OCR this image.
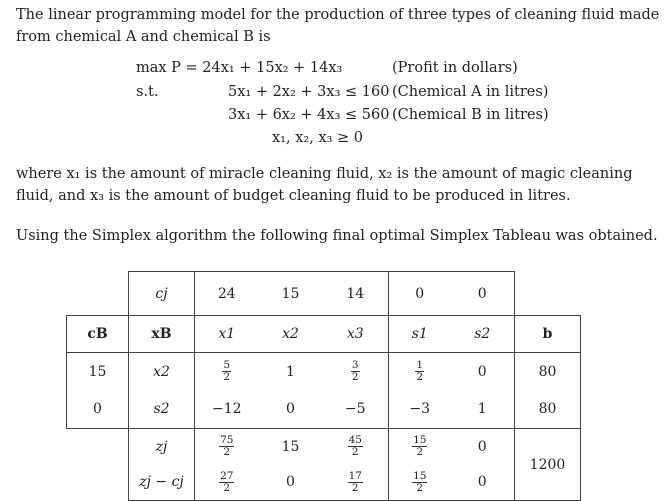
The linear programming model for the production of three types of cleaning fluid made from chemical A and chemical B is
max P = 24x₁ + 15x₂ + 14x₃	(Profit in dollars)
s.t.	5x₁ + 2x₂ + 3x₃ ≤ 160 (Chemical A in litres)
3x₁ + 6x₂ + 4x₃ ≤ 560 (Chemical B in litres)
x₁, x₂, x₃ ≥ 0
where x₁ is the amount of miracle cleaning fluid, x₂ is the amount of magic cleaning fluid, and x₃ is the amount of budget cleaning fluid to be produced in litres.
Using the Simplex algorithm the following final optimal Simplex Tableau was obtained.
	cj	24	15	14	0	0	
cB	xB	x1	x2	x3	s1	s2	b
15	x2	$\frac{5}{2}$	1	$\frac{3}{2}$	$\frac{1}{2}$	0	80
0	s2	−12	0	−5	−3	1	80
	zj	$\frac{75}{2}$	15	$\frac{45}{2}$	$\frac{15}{2}$	0	1200
	zj − cj	$\frac{27}{2}$	0	$\frac{17}{2}$	$\frac{15}{2}$	0	
